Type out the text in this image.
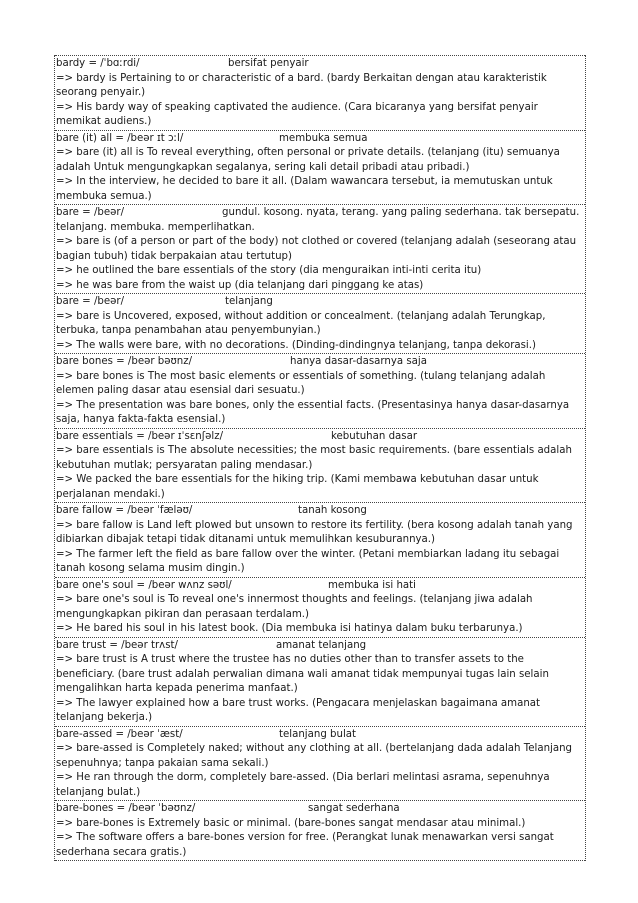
bardy = /ˈbɑːrdi/	bersifat penyair
=> bardy is Pertaining to or characteristic of a bard. (bardy Berkaitan dengan atau karakteristik seorang penyair.)
=> His bardy way of speaking captivated the audience. (Cara bicaranya yang bersifat penyair memikat audiens.)
bare (it) all = /beər ɪt ɔːl/	membuka semua
=> bare (it) all is To reveal everything, often personal or private details. (telanjang (itu) semuanya adalah Untuk mengungkapkan segalanya, sering kali detail pribadi atau pribadi.)
=> In the interview, he decided to bare it all. (Dalam wawancara tersebut, ia memutuskan untuk membuka semua.)
bare = /beər/	gundul. kosong. nyata, terang. yang paling sederhana. tak bersepatu. telanjang. membuka. memperlihatkan.
=> bare is (of a person or part of the body) not clothed or covered (telanjang adalah (seseorang atau bagian tubuh) tidak berpakaian atau tertutup)
=> he outlined the bare essentials of the story (dia menguraikan inti-inti cerita itu)
=> he was bare from the waist up (dia telanjang dari pinggang ke atas)
bare = /beər/	telanjang
=> bare is Uncovered, exposed, without addition or concealment. (telanjang adalah Terungkap, terbuka, tanpa penambahan atau penyembunyian.)
=> The walls were bare, with no decorations. (Dinding-dindingnya telanjang, tanpa dekorasi.)
bare bones = /beər bəʊnz/	hanya dasar-dasarnya saja
=> bare bones is The most basic elements or essentials of something. (tulang telanjang adalah elemen paling dasar atau esensial dari sesuatu.)
=> The presentation was bare bones, only the essential facts. (Presentasinya hanya dasar-dasarnya saja, hanya fakta-fakta esensial.)
bare essentials = /beər ɪˈsɛnʃəlz/	kebutuhan dasar
=> bare essentials is The absolute necessities; the most basic requirements. (bare essentials adalah kebutuhan mutlak; persyaratan paling mendasar.)
=> We packed the bare essentials for the hiking trip. (Kami membawa kebutuhan dasar untuk perjalanan mendaki.)
bare fallow = /beər ˈfæləʊ/	tanah kosong
=> bare fallow is Land left plowed but unsown to restore its fertility. (bera kosong adalah tanah yang dibiarkan dibajak tetapi tidak ditanami untuk memulihkan kesuburannya.)
=> The farmer left the field as bare fallow over the winter. (Petani membiarkan ladang itu sebagai tanah kosong selama musim dingin.)
bare one's soul = /beər wʌnz səʊl/	membuka isi hati
=> bare one's soul is To reveal one's innermost thoughts and feelings. (telanjang jiwa adalah mengungkapkan pikiran dan perasaan terdalam.)
=> He bared his soul in his latest book. (Dia membuka isi hatinya dalam buku terbarunya.)
bare trust = /beər trʌst/	amanat telanjang
=> bare trust is A trust where the trustee has no duties other than to transfer assets to the beneficiary. (bare trust adalah perwalian dimana wali amanat tidak mempunyai tugas lain selain mengalihkan harta kepada penerima manfaat.)
=> The lawyer explained how a bare trust works. (Pengacara menjelaskan bagaimana amanat telanjang bekerja.)
bare-assed = /beər ˈæst/	telanjang bulat
=> bare-assed is Completely naked; without any clothing at all. (bertelanjang dada adalah Telanjang sepenuhnya; tanpa pakaian sama sekali.)
=> He ran through the dorm, completely bare-assed. (Dia berlari melintasi asrama, sepenuhnya telanjang bulat.)
bare-bones = /beər ˈbəʊnz/	sangat sederhana
=> bare-bones is Extremely basic or minimal. (bare-bones sangat mendasar atau minimal.)
=> The software offers a bare-bones version for free. (Perangkat lunak menawarkan versi sangat sederhana secara gratis.)
